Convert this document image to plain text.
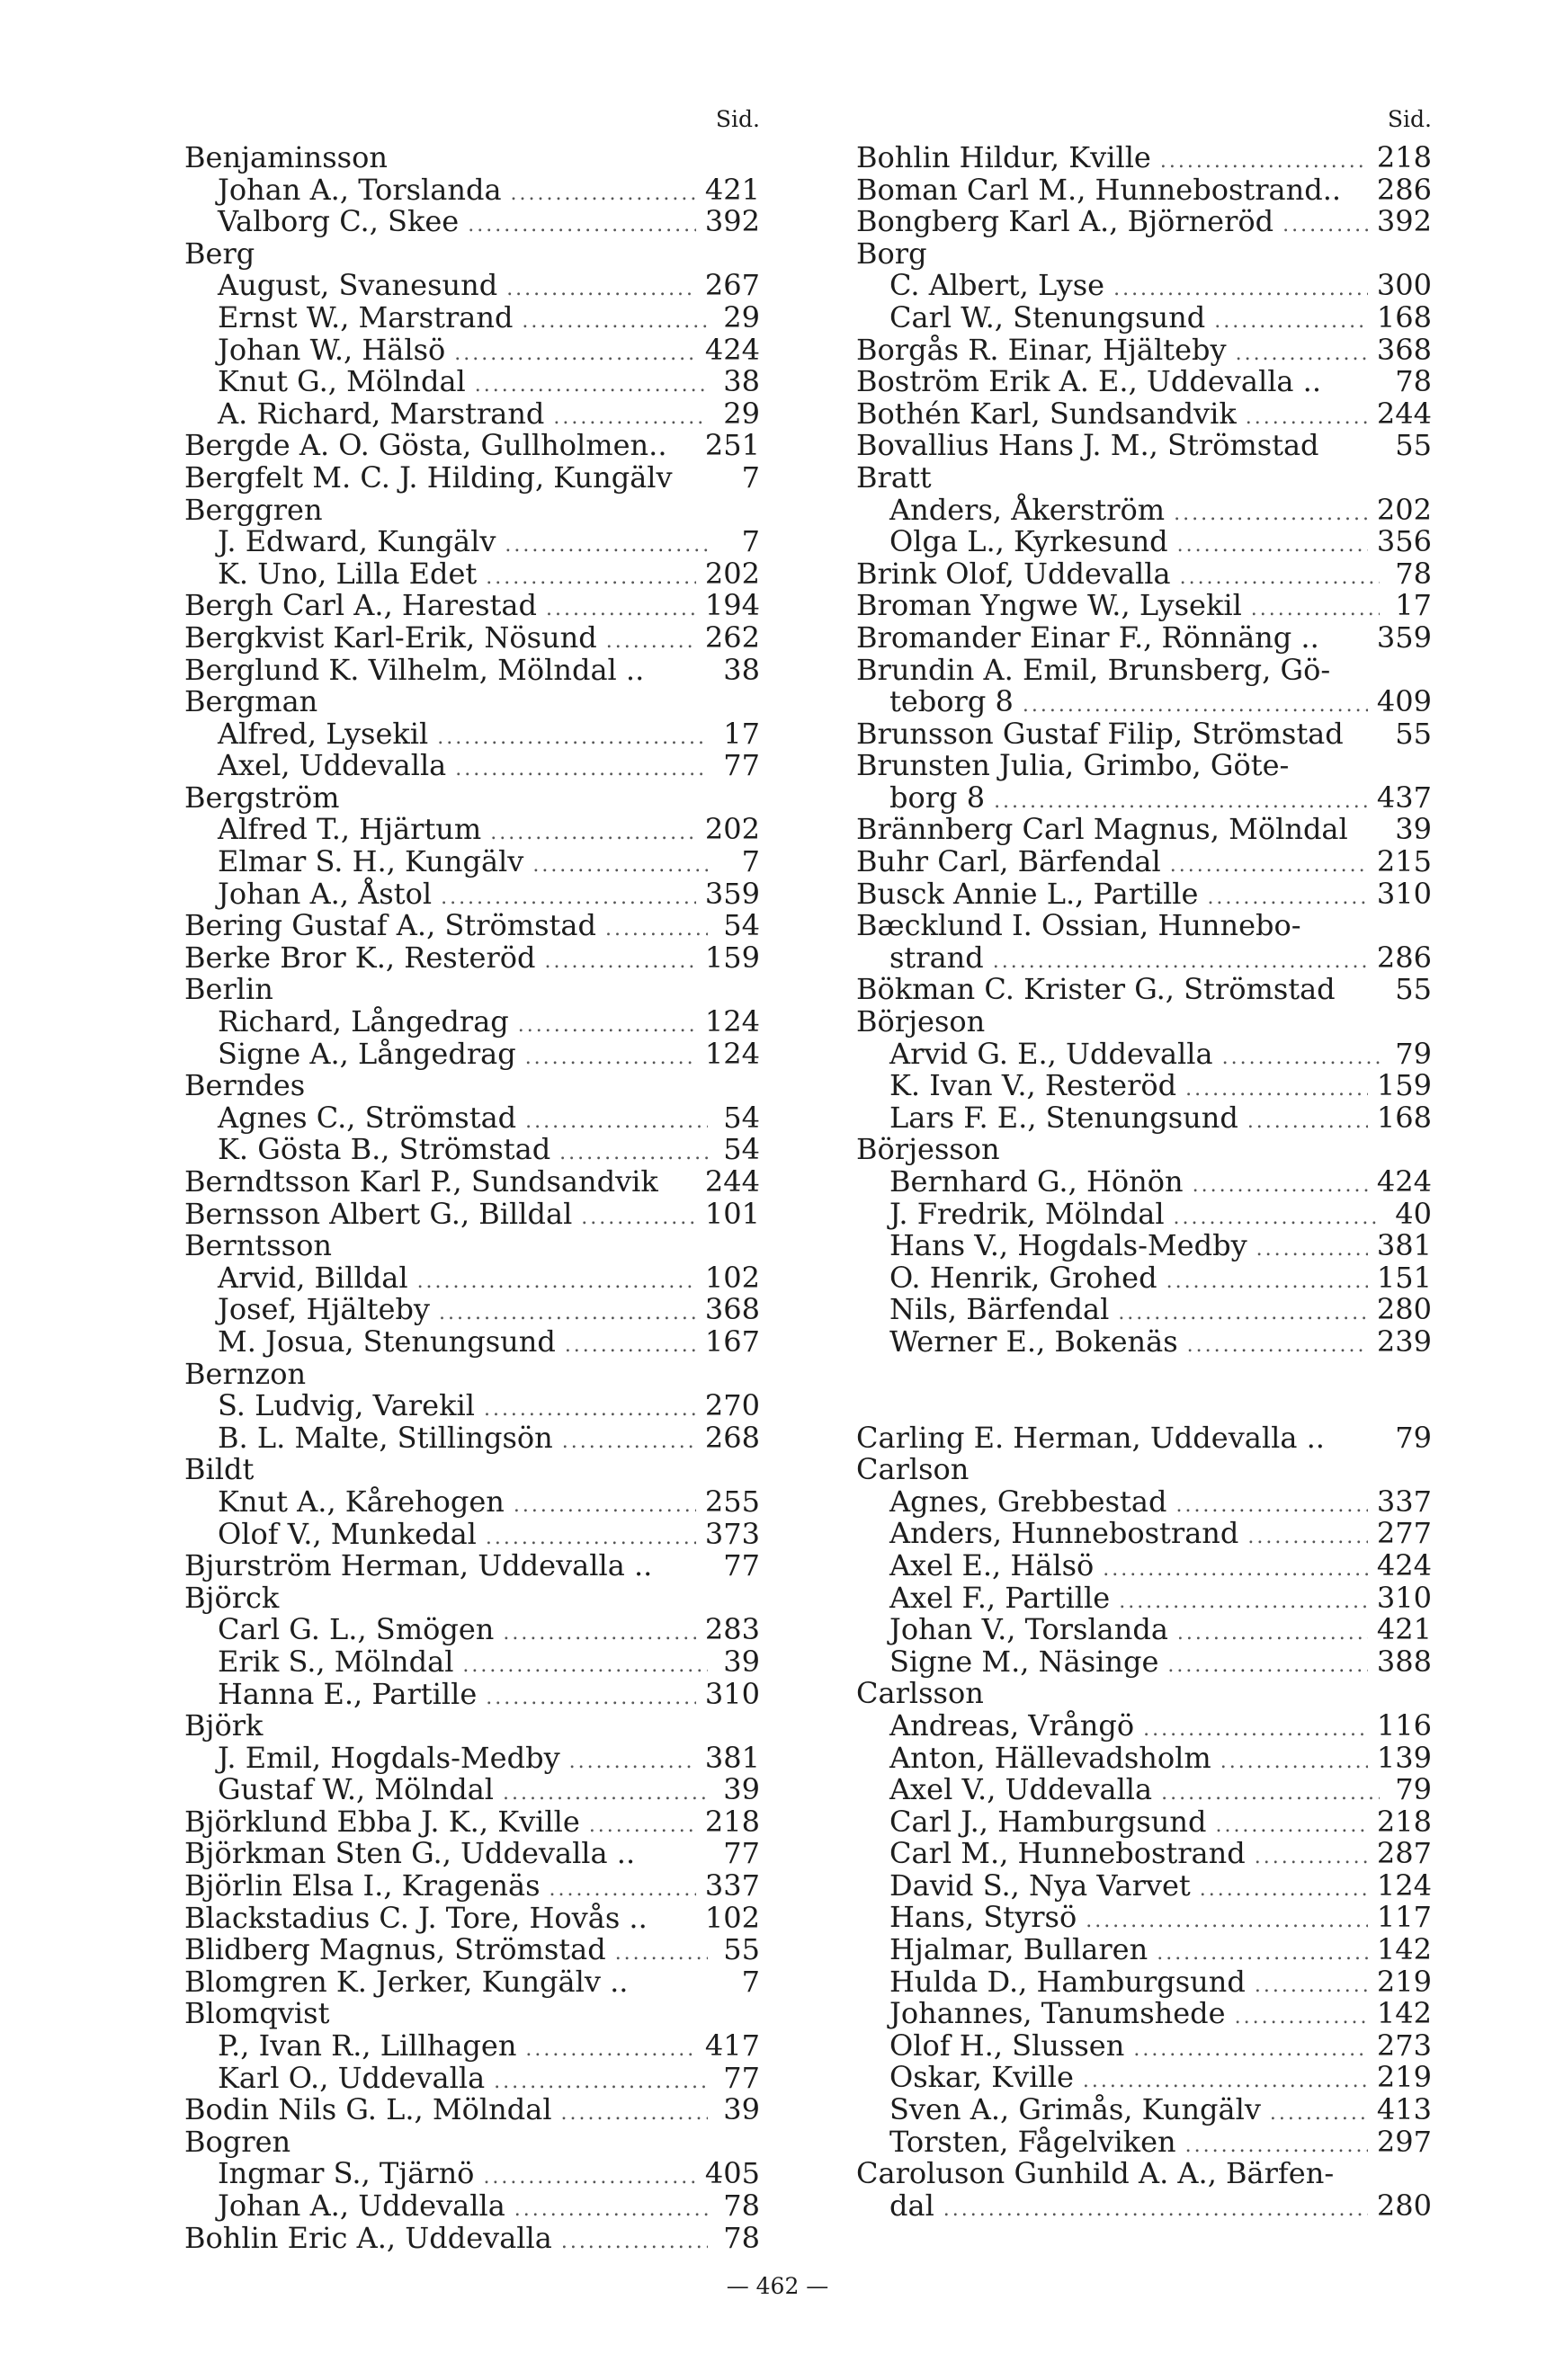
Sid.
Benjaminsson
Johan A., Torslanda .....	421
Valborg C., Skee .....	392
Berg
August, Svanesund .....	267
Ernst W., Marstrand .....	29
Johan W., Hälsö .....	424
Knut G., Mölndal .....	38
A. Richard, Marstrand .....	29
Bergde A. O. Gösta, Gullholmen.. 251
Bergfelt M. C. J. Hilding, Kungälv	7
Berggren
J. Edward, Kungälv .....	7
K. Uno, Lilla Edet .....	202
Bergh Carl A., Harestad .....	194
Bergkvist Karl-Erik, Nösund .....	262
Berglund K. Vilhelm, Mölndal ..	38
Bergman
Alfred, Lysekil .....	17
Axel, Uddevalla .....	77
Bergström
Alfred T., Hjärtum .....	202
Elmar S. H., Kungälv .....	7
Johan A., Åstol .....	359
Bering Gustaf A., Strömstad .....	54
Berke Bror K., Resteröd .....	159
Berlin
Richard, Långedrag .....	124
Signe A., Långedrag .....	124
Berndes
Agnes C., Strömstad .....	54
K. Gösta B., Strömstad .....	54
Berndtsson Karl P., Sundsandvik 244
Bernsson Albert G., Billdal .....	101
Berntsson
Arvid, Billdal .....	102
Josef, Hjälteby .....	368
M. Josua, Stenungsund .....	167
Bernzon
S. Ludvig, Varekil .....	270
B. L. Malte, Stillingsön .....	268
Bildt
Knut A., Kårehogen .....	255
Olof V., Munkedal .....	373
Bjurström Herman, Uddevalla .. 77
Björck
Carl G. L., Smögen .....	283
Erik S., Mölndal .....	39
Hanna E., Partille .....	310
Björk
J. Emil, Hogdals-Medby .....	381
Gustaf W., Mölndal .....	39
Björklund Ebba J. K., Kville .....	218
Björkman Sten G., Uddevalla ..	77
Björlin Elsa I., Kragenäs .....	337
Blackstadius C. J. Tore, Hovås .. 102
Blidberg Magnus, Strömstad .....	55
Blomgren K. Jerker, Kungälv ..	7
Blomqvist
P., Ivan R., Lillhagen .....	417
Karl O., Uddevalla .....	77
Bodin Nils G. L., Mölndal .....	39
Bogren
Ingmar S., Tjärnö .....	405
Johan A., Uddevalla .....	78
Bohlin Eric A., Uddevalla .....	78
Sid.
Bohlin Hildur, Kville .....	218
Boman Carl M., Hunnebostrand.. 286
Bongberg Karl A., Björneröd .....	392
Borg
C. Albert, Lyse .....	300
Carl W., Stenungsund .....	168
Borgås R. Einar, Hjälteby .....	368
Boström Erik A. E., Uddevalla ..	78
Bothén Karl, Sundsandvik .....	244
Bovallius Hans J. M., Strömstad	55
Bratt
Anders, Åkerström .....	202
Olga L., Kyrkesund .....	356
Brink Olof, Uddevalla .....	78
Broman Yngwe W., Lysekil .....	17
Bromander Einar F., Rönnäng .. 359
Brundin A. Emil, Brunsberg, Gö-
teborg 8 .....	409
Brunsson Gustaf Filip, Strömstad 55
Brunsten Julia, Grimbo, Göte-
borg 8 .....	437
Brännberg Carl Magnus, Mölndal 39
Buhr Carl, Bärfendal .....	215
Busck Annie L., Partille .....	310
Bæcklund I. Ossian, Hunnebo-
strand .....	286
Bökman C. Krister G., Strömstad 55
Börjeson
Arvid G. E., Uddevalla .....	79
K. Ivan V., Resteröd .....	159
Lars F. E., Stenungsund .....	168
Börjesson
Bernhard G., Hönön .....	424
J. Fredrik, Mölndal .....	40
Hans V., Hogdals-Medby .....	381
O. Henrik, Grohed .....	151
Nils, Bärfendal .....	280
Werner E., Bokenäs .....	239
Carling E. Herman, Uddevalla .. 79
Carlson
Agnes, Grebbestad .....	337
Anders, Hunnebostrand .....	277
Axel E., Hälsö .....	424
Axel F., Partille .....	310
Johan V., Torslanda .....	421
Signe M., Näsinge .....	388
Carlsson
Andreas, Vrångö .....	116
Anton, Hällevadsholm .....	139
Axel V., Uddevalla .....	79
Carl J., Hamburgsund .....	218
Carl M., Hunnebostrand .....	287
David S., Nya Varvet .....	124
Hans, Styrsö .....	117
Hjalmar, Bullaren .....	142
Hulda D., Hamburgsund .....	219
Johannes, Tanumshede .....	142
Olof H., Slussen .....	273
Oskar, Kville .....	219
Sven A., Grimås, Kungälv .....	413
Torsten, Fågelviken .....	297
Caroluson Gunhild A. A., Bärfen-
dal .....	280
— 462 —
